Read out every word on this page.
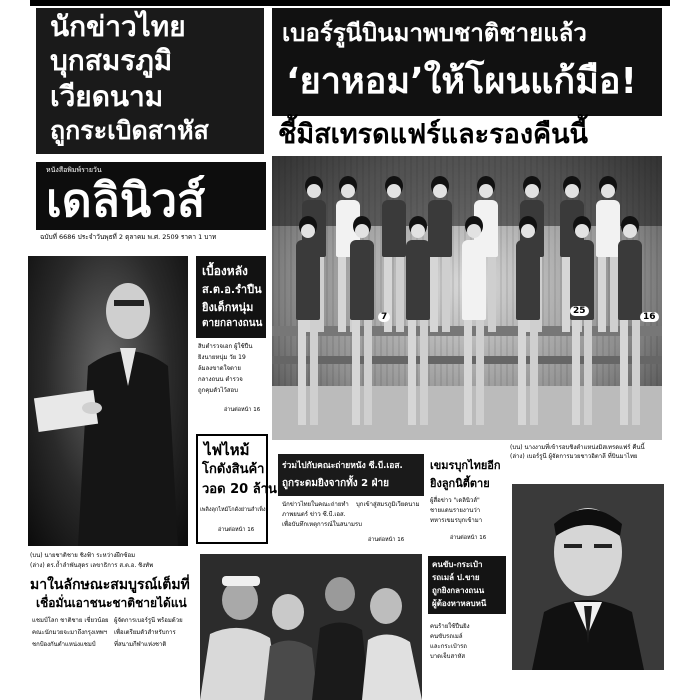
นักข่าวไทย
บุกสมรภูมิ
เวียดนาม
ถูกระเบิดสาหัส
เบอร์รูนีบินมาพบชาติชายแล้ว
‘ยาหอม’ให้โผนแก้มือ!
ชี้มิสเทรดแฟร์และรองคืนนี้
หนังสือพิมพ์รายวัน
เดลินิวส์
ฉบับที่ 6686 ประจำวันพุธที่ 2 ตุลาคม พ.ศ. 2509 ราคา 1 บาท
7
25
16
(บน) นางงามที่เข้ารอบชิงตำแหน่งมิสเทรดแฟร์ คืนนี้
(ล่าง) เบอร์รูนี ผู้จัดการมวยชาวอิตาลี ที่บินมาไทย
เบื้องหลัง
ส.ต.อ.รำปืน
ยิงเด็กหนุ่ม
ตายกลางถนน
สิบตำรวจเอก ผู้ใช้ปืน
ยิงนายหนุ่ม วัย 19
ล้มลงขาดใจตาย
กลางถนน ตำรวจ
ถูกคุมตัวไว้สอบ
อ่านต่อหน้า 16
ไฟไหม้
โกดังสินค้า
วอด 20 ล้าน
เพลิงลุกไหม้โกดังย่านสำเพ็ง
อ่านต่อหน้า 16
ร่วมไปกับคณะถ่ายหนัง ซี.บี.เอส.
ถูกระดมยิงจากทั้ง 2 ฝ่าย
นักข่าวไทยในคณะถ่ายทำ
ภาพยนตร์ ข่าว ซี.บี.เอส.
บุกเข้าสู่สมรภูมิเวียดนาม
เพื่อบันทึกเหตุการณ์ในสนามรบ
อ่านต่อหน้า 16
เขมรบุกไทยอีก
ยิงลูกนิตี้ตาย
ผู้สื่อข่าว "เดลินิวส์"
ชายแดนรายงานว่า
ทหารเขมรบุกเข้ามา
อ่านต่อหน้า 16
คนขับ-กระเป๋า
รถเมล์ ป.ขาย
ถูกยิงกลางถนน
ผู้ต้องหาหลบหนี
คนร้ายใช้ปืนยิง
คนขับรถเมล์
และกระเป๋ารถ
บาดเจ็บสาหัส
(บน) นายชาติชาย ชิงฟ้า ระหว่างฝึกซ้อม
(ล่าง) ดร.ถ้ำลำพันสุดร เลขาธิการ ส.ต.อ. ชิงทัพ
มาในลักษณะสมบูรณ์เต็มที่
เชื่อมั่นเอาชนะชาติชายได้แน่
แชมป์โลก ชาติชาย เชี่ยวน้อย ผู้จัดการเบอร์รูนี พร้อมด้วย
คณะนักมวยจะมาถึงกรุงเทพฯ เพื่อเตรียมตัวสำหรับการ
ชกป้องกันตำแหน่งแชมป์	ที่สนามกีฬาแห่งชาติ
